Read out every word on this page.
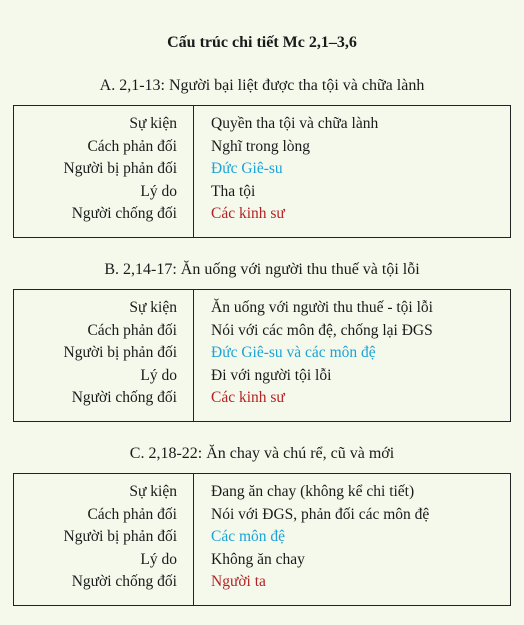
Cấu trúc chi tiết Mc 2,1–3,6
A. 2,1-13: Người bại liệt được tha tội và chữa lành
Sự kiện
Cách phản đối
Người bị phản đối
Lý do
Người chống đối
Quyền tha tội và chữa lành
Nghĩ trong lòng
Đức Giê-su
Tha tội
Các kinh sư
B. 2,14-17: Ăn uống với người thu thuế và tội lỗi
Sự kiện
Cách phản đối
Người bị phản đối
Lý do
Người chống đối
Ăn uống với người thu thuế - tội lỗi
Nói với các môn đệ, chống lại ĐGS
Đức Giê-su và các môn đệ
Đi với người tội lỗi
Các kinh sư
C. 2,18-22: Ăn chay và chú rể, cũ và mới
Sự kiện
Cách phản đối
Người bị phản đối
Lý do
Người chống đối
Đang ăn chay (không kể chi tiết)
Nói với ĐGS, phản đối các môn đệ
Các môn đệ
Không ăn chay
Người ta
